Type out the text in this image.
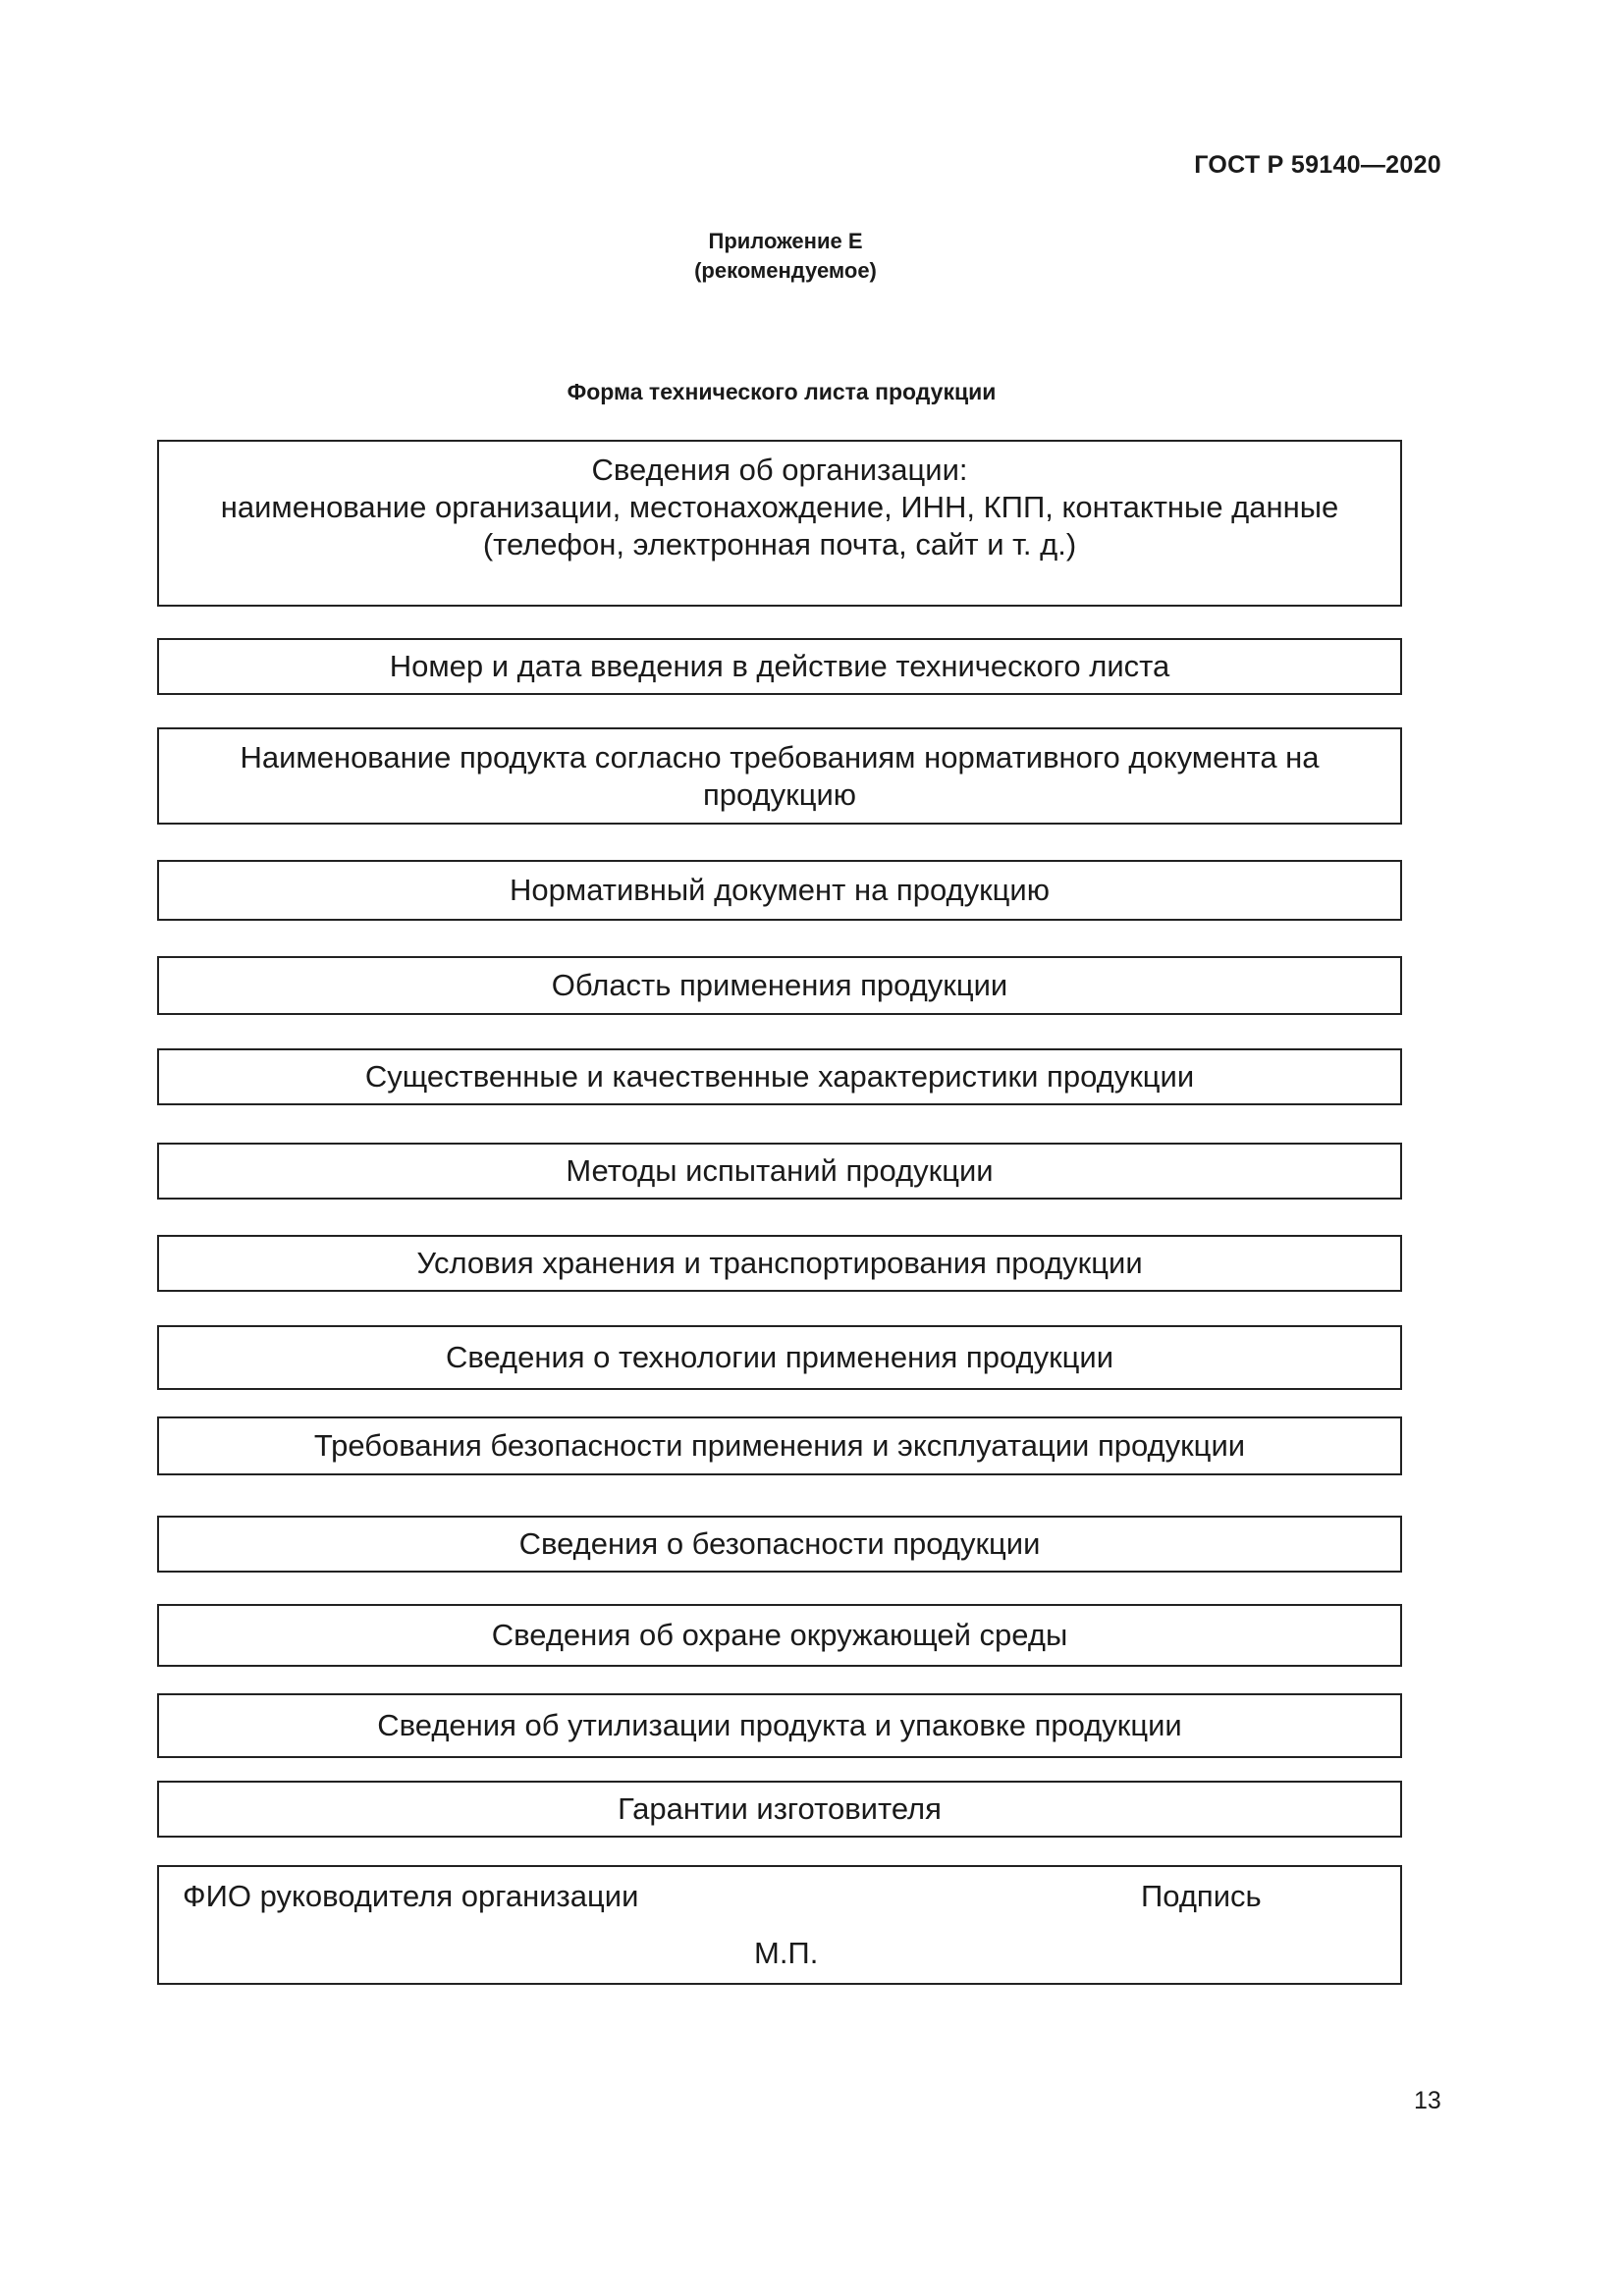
ГОСТ Р 59140—2020
Приложение Е
(рекомендуемое)
Форма технического листа продукции
Сведения об организации:
наименование организации, местонахождение, ИНН, КПП, контактные данные
(телефон, электронная почта, сайт и т. д.)
Номер и дата введения в действие технического листа
Наименование продукта согласно требованиям нормативного документа на продукцию
Нормативный документ на продукцию
Область применения продукции
Существенные и качественные характеристики продукции
Методы испытаний продукции
Условия хранения и транспортирования продукции
Сведения о технологии применения продукции
Требования безопасности применения и эксплуатации продукции
Сведения о безопасности продукции
Сведения об охране окружающей среды
Сведения об утилизации продукта и упаковке продукции
Гарантии изготовителя
ФИО руководителя организации	Подпись
М.П.
13
